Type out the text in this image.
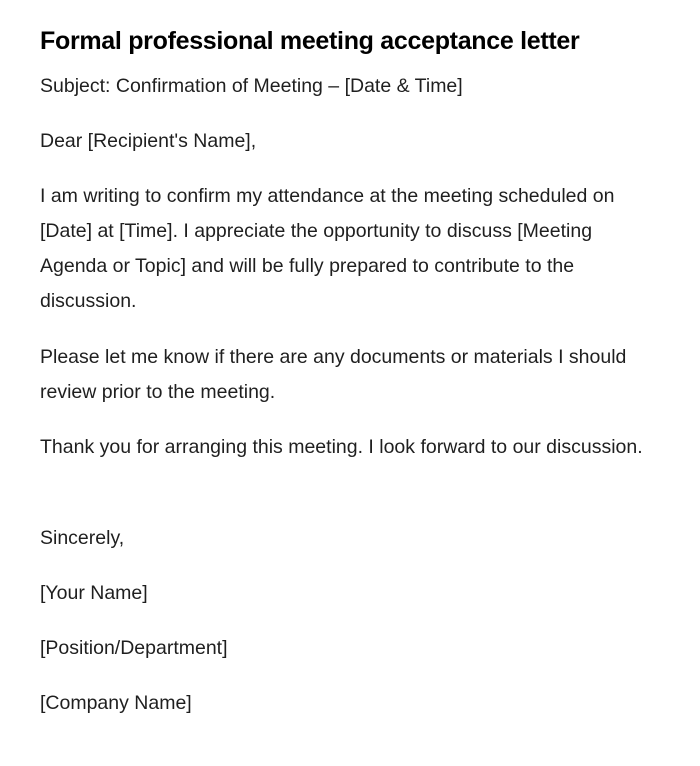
Formal professional meeting acceptance letter

Subject: Confirmation of Meeting – [Date & Time]

Dear [Recipient's Name],

I am writing to confirm my attendance at the meeting scheduled on [Date] at [Time]. I appreciate the opportunity to discuss [Meeting Agenda or Topic] and will be fully prepared to contribute to the discussion.

Please let me know if there are any documents or materials I should review prior to the meeting.

Thank you for arranging this meeting. I look forward to our discussion.

Sincerely,

[Your Name]

[Position/Department]

[Company Name]
